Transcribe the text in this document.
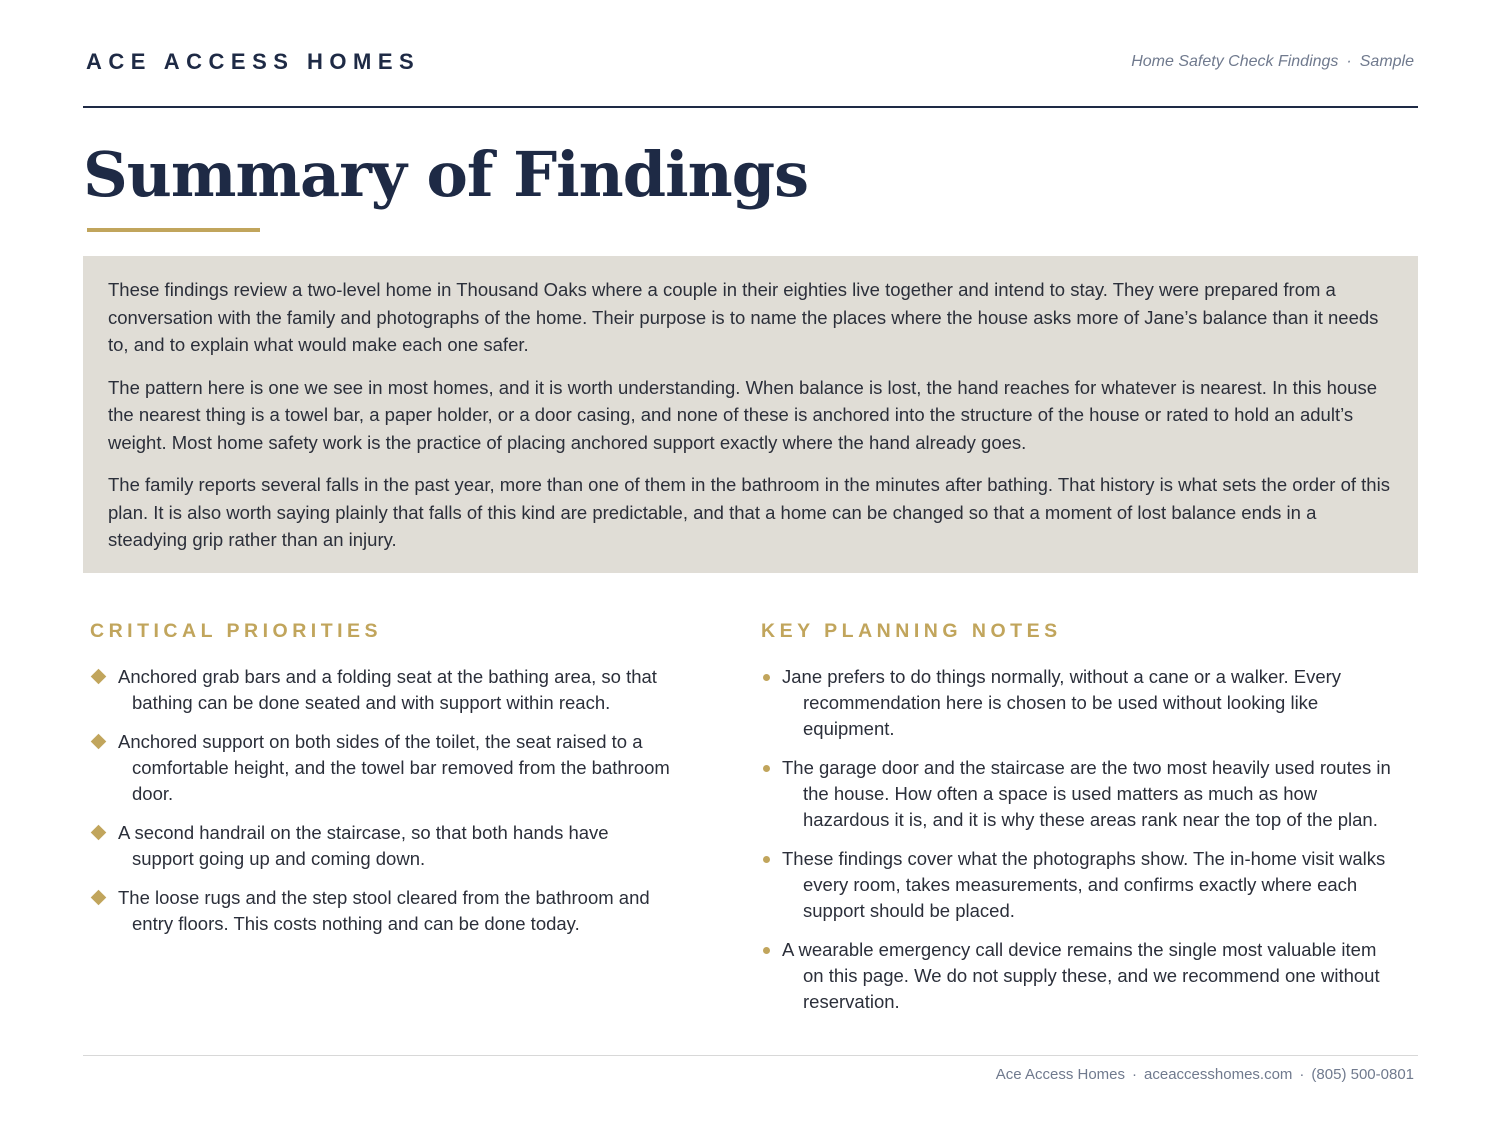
ACE ACCESS HOMES	Home Safety Check Findings · Sample
Summary of Findings

These findings review a two-level home in Thousand Oaks where a couple in their eighties live together and intend to stay. They were prepared from a conversation with the family and photographs of the home. Their purpose is to name the places where the house asks more of Jane’s balance than it needs to, and to explain what would make each one safer.

The pattern here is one we see in most homes, and it is worth understanding. When balance is lost, the hand reaches for whatever is nearest. In this house the nearest thing is a towel bar, a paper holder, or a door casing, and none of these is anchored into the structure of the house or rated to hold an adult’s weight. Most home safety work is the practice of placing anchored support exactly where the hand already goes.

The family reports several falls in the past year, more than one of them in the bathroom in the minutes after bathing. That history is what sets the order of this plan. It is also worth saying plainly that falls of this kind are predictable, and that a home can be changed so that a moment of lost balance ends in a steadying grip rather than an injury.

CRITICAL PRIORITIES
Anchored grab bars and a folding seat at the bathing area, so that bathing can be done seated and with support within reach.
Anchored support on both sides of the toilet, the seat raised to a comfortable height, and the towel bar removed from the bathroom door.
A second handrail on the staircase, so that both hands have support going up and coming down.
The loose rugs and the step stool cleared from the bathroom and entry floors. This costs nothing and can be done today.
KEY PLANNING NOTES
Jane prefers to do things normally, without a cane or a walker. Every recommendation here is chosen to be used without looking like equipment.
The garage door and the staircase are the two most heavily used routes in the house. How often a space is used matters as much as how hazardous it is, and it is why these areas rank near the top of the plan.
These findings cover what the photographs show. The in-home visit walks every room, takes measurements, and confirms exactly where each support should be placed.
A wearable emergency call device remains the single most valuable item on this page. We do not supply these, and we recommend one without reservation.
Ace Access Homes · aceaccesshomes.com · (805) 500-0801
